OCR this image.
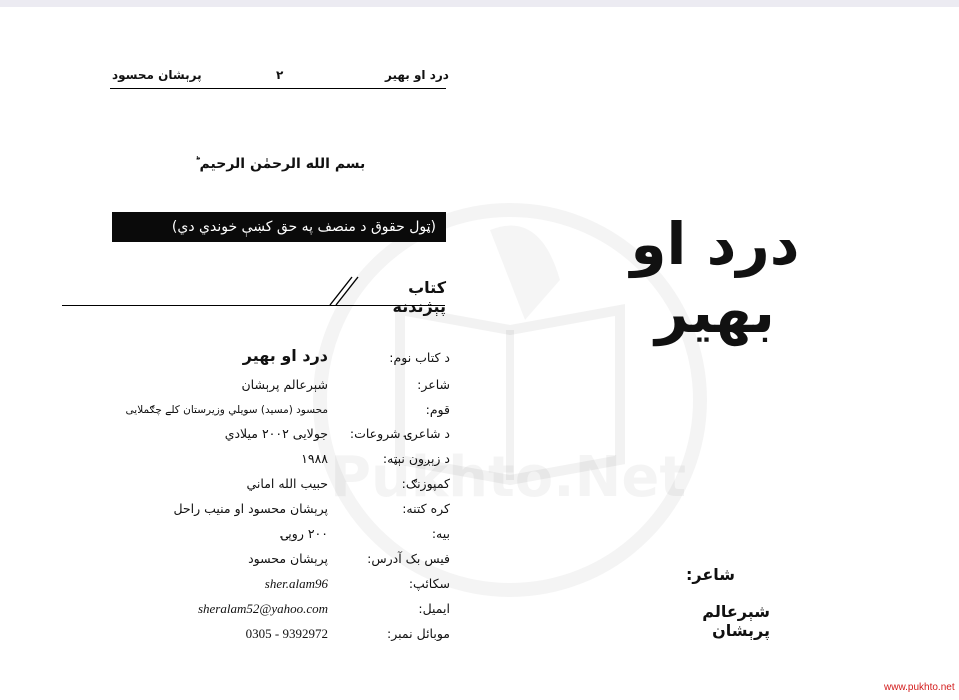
درد او بهیر
۲
پرېشان محسود
بسم الله الرحمٰن الرحيم ؕ
(ټول حقوق د منصف په حق کښې خوندي دي)
کتاب پېژندنه
د کتاب نوم:
درد او بهیر
شاعر:
شېرعالم پرېشان
قوم:
محسود (مسید) سویلي وزیرستان کلے چګملایی
د شاعرۍ شروعات:
جولایی ۲۰۰۲ میلادي
د زېږون نېټه:
۱۹۸۸
کمپوزنګ:
حبيب الله اماني
کره کتنه:
پرېشان محسود او منيب راحل
بیه:
۲۰۰ روپۍ
فیس بک آدرس:
پرېشان محسود
سکائپ:
sher.alam96
ایمیل:
sheralam52@yahoo.com
موبائل نمبر:
0305 - 9392972
درد او بهیر
شاعر:
شېرعالم پرېشان
www.pukhto.net
